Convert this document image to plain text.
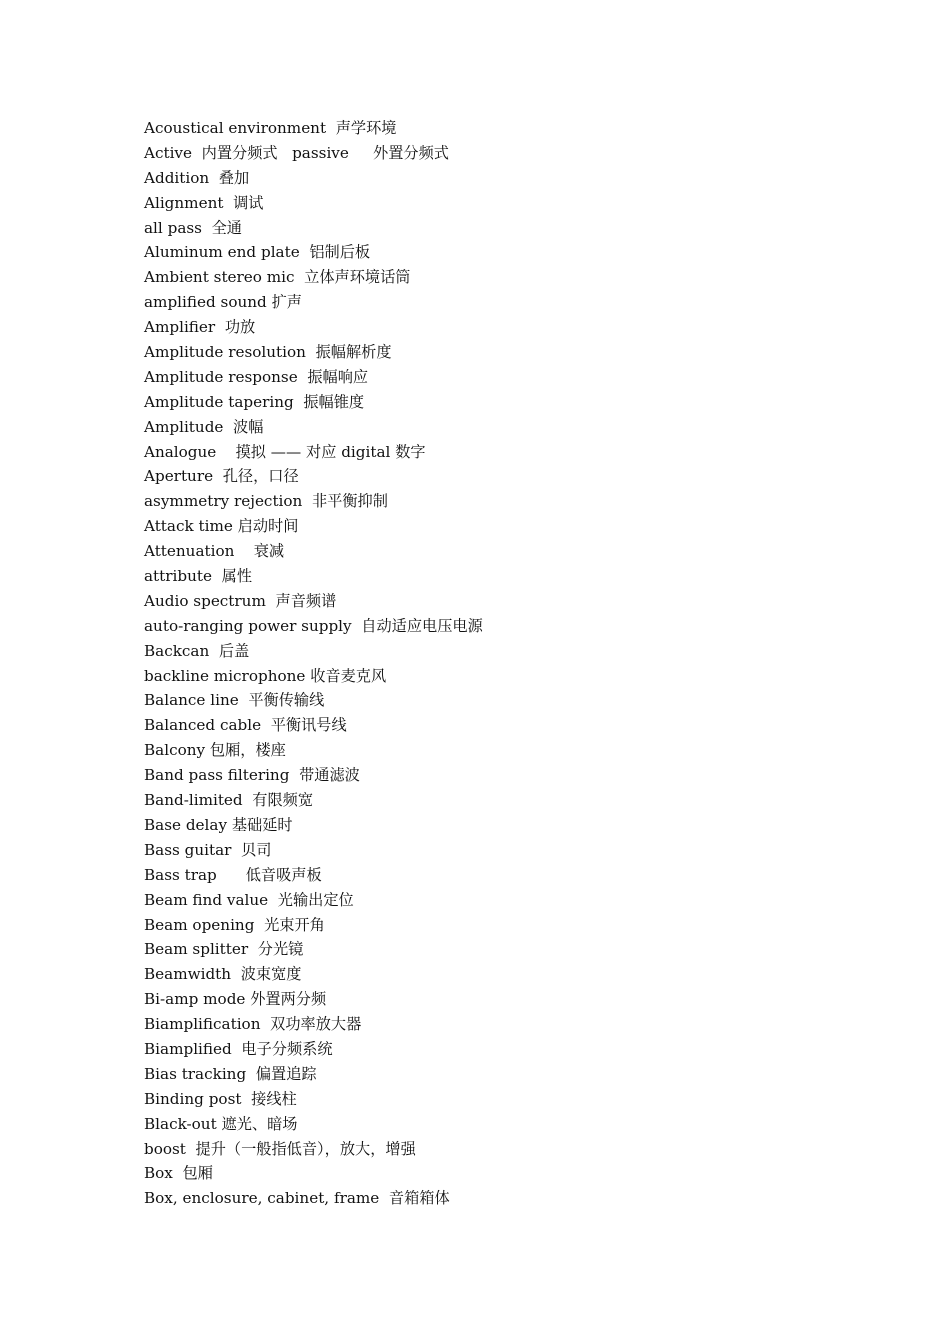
Acoustical environment  声学环境
Active  内置分频式   passive     外置分频式
Addition  叠加
Alignment  调试
all pass  全通
Aluminum end plate  铝制后板
Ambient stereo mic  立体声环境话筒
amplified sound 扩声
Amplifier  功放
Amplitude resolution  振幅解析度
Amplitude response  振幅响应
Amplitude tapering  振幅锥度
Amplitude  波幅
Analogue    摸拟 —— 对应 digital 数字
Aperture  孔径，口径
asymmetry rejection  非平衡抑制
Attack time 启动时间
Attenuation    衰减
attribute  属性
Audio spectrum  声音频谱
auto-ranging power supply  自动适应电压电源
Backcan  后盖
backline microphone 收音麦克风
Balance line  平衡传输线
Balanced cable  平衡讯号线
Balcony 包厢，楼座
Band pass filtering  带通滤波
Band-limited  有限频宽
Base delay 基础延时
Bass guitar  贝司
Bass trap      低音吸声板
Beam find value  光输出定位
Beam opening  光束开角
Beam splitter  分光镜
Beamwidth  波束宽度
Bi-amp mode 外置两分频
Biamplification  双功率放大器
Biamplified  电子分频系统
Bias tracking  偏置追踪
Binding post  接线柱
Black-out 遮光、暗场
boost  提升（一般指低音），放大，增强
Box  包厢
Box, enclosure, cabinet, frame  音箱箱体
